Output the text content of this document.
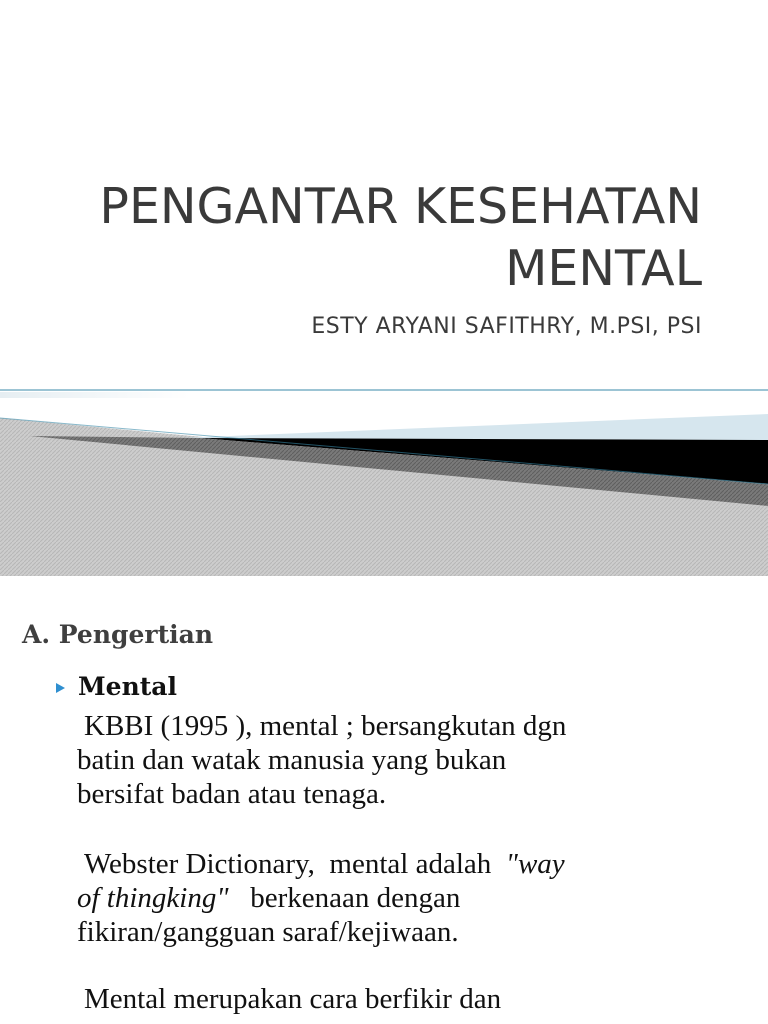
PENGANTAR KESEHATAN
MENTAL
ESTY ARYANI SAFITHRY, M.PSI, PSI
A. Pengertian
Mental

KBBI (1995 ), mental ; bersangkutan dgn
batin dan watak manusia yang bukan
bersifat badan atau tenaga.

Webster Dictionary,  mental adalah  "way
of thingking"   berkenaan dengan
fikiran/gangguan saraf/kejiwaan.

Mental merupakan cara berfikir dan
